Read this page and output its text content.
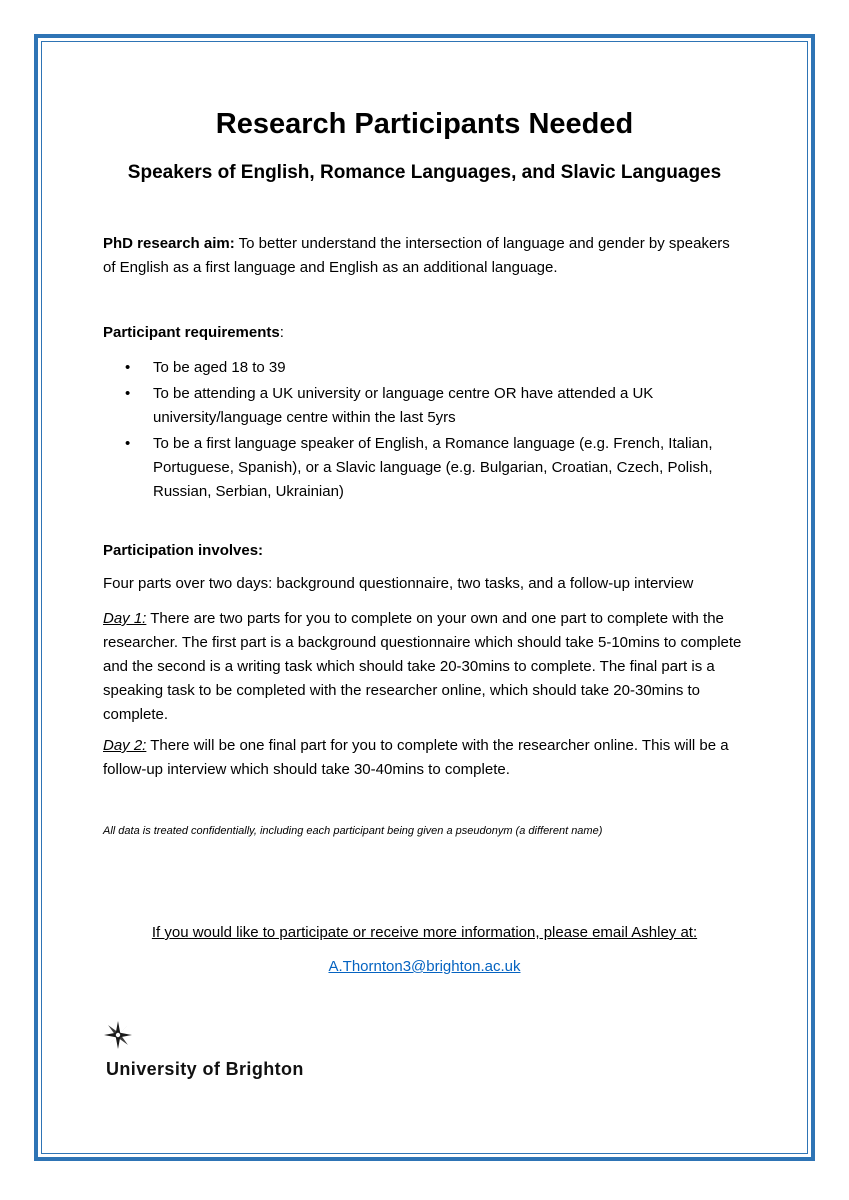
Research Participants Needed
Speakers of English, Romance Languages, and Slavic Languages

PhD research aim: To better understand the intersection of language and gender by speakers of English as a first language and English as an additional language.

Participant requirements:

• To be aged 18 to 39
• To be attending a UK university or language centre OR have attended a UK university/language centre within the last 5yrs
• To be a first language speaker of English, a Romance language (e.g. French, Italian, Portuguese, Spanish), or a Slavic language (e.g. Bulgarian, Croatian, Czech, Polish, Russian, Serbian, Ukrainian)

Participation involves:

Four parts over two days: background questionnaire, two tasks, and a follow-up interview

Day 1: There are two parts for you to complete on your own and one part to complete with the researcher. The first part is a background questionnaire which should take 5-10mins to complete and the second is a writing task which should take 20-30mins to complete. The final part is a speaking task to be completed with the researcher online, which should take 20-30mins to complete.

Day 2: There will be one final part for you to complete with the researcher online. This will be a follow-up interview which should take 30-40mins to complete.

All data is treated confidentially, including each participant being given a pseudonym (a different name)

If you would like to participate or receive more information, please email Ashley at:

A.Thornton3@brighton.ac.uk

University of Brighton
